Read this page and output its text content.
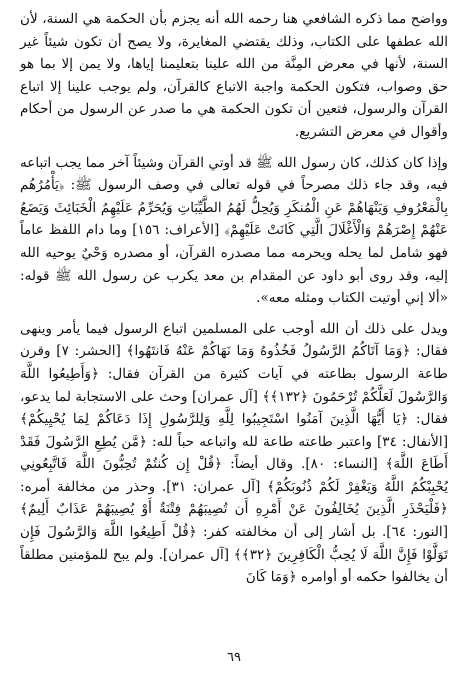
وواضح مما ذكره الشافعي هنا رحمه الله أنه يجزم بأن الحكمة هي السنة، لأن الله عطفها على الكتاب، وذلك يقتضي المغايرة، ولا يصح أن تكون شيئاً غير السنة، لأنها في معرض المِنَّة من الله علينا بتعليمنا إياها، ولا يمن إلا بما هو حق وصواب، فتكون الحكمة واجبة الاتباع كالقرآن، ولم يوجب علينا إلا اتباع القرآن والرسول، فتعين أن تكون الحكمة هي ما صدر عن الرسول من أحكام وأقوال في معرض التشريع.

وإذا كان كذلك، كان رسول الله ﷺ قد أوتي القرآن وشيئاً آخر مما يجب اتباعه فيه، وقد جاء ذلك مصرحاً في قوله تعالى في وصف الرسول ﷺ: ﴿يَأْمُرُهُم بِالْمَعْرُوفِ وَيَنْهَاهُمْ عَنِ الْمُنكَرِ وَيُحِلُّ لَهُمُ الطَّيِّبَاتِ وَيُحَرِّمُ عَلَيْهِمُ الْخَبَائِثَ وَيَضَعُ عَنْهُمْ إِصْرَهُمْ وَالْأَغْلَالَ الَّتِي كَانَتْ عَلَيْهِمْ﴾ [الأعراف: ١٥٦] وما دام اللفظ عاماً فهو شامل لما يحله ويحرمه مما مصدره القرآن، أو مصدره وَحْيٌ يوحيه الله إليه، وقد روى أبو داود عن المقدام بن معد يكرب عن رسول الله ﷺ قوله: «ألا إني أوتيت الكتاب ومثله معه».

ويدل على ذلك أن الله أوجب على المسلمين اتباع الرسول فيما يأمر وينهى فقال: ﴿وَمَا آتَاكُمُ الرَّسُولُ فَخُذُوهُ وَمَا نَهَاكُمْ عَنْهُ فَانتَهُوا﴾ [الحشر: ٧] وقرن طاعة الرسول بطاعته في آيات كثيرة من القرآن فقال: ﴿وَأَطِيعُوا اللَّهَ وَالرَّسُولَ لَعَلَّكُمْ تُرْحَمُونَ ﴿١٣٢﴾﴾ [آل عمران] وحث على الاستجابة لما يدعو، فقال: ﴿يَا أَيُّهَا الَّذِينَ آمَنُوا اسْتَجِيبُوا لِلَّهِ وَلِلرَّسُولِ إِذَا دَعَاكُمْ لِمَا يُحْيِيكُمْ﴾ [الأنفال: ٣٤] واعتبر طاعته طاعة لله واتباعه حباً لله: ﴿مَّن يُطِعِ الرَّسُولَ فَقَدْ أَطَاعَ اللَّهَ﴾ [النساء: ٨٠]. وقال أيضاً: ﴿قُلْ إِن كُنتُمْ تُحِبُّونَ اللَّهَ فَاتَّبِعُونِي يُحْبِبْكُمُ اللَّهُ وَيَغْفِرْ لَكُمْ ذُنُوبَكُمْ﴾ [آل عمران: ٣١]. وحذر من مخالفة أمره: ﴿فَلْيَحْذَرِ الَّذِينَ يُخَالِفُونَ عَنْ أَمْرِهِ أَن تُصِيبَهُمْ فِتْنَةٌ أَوْ يُصِيبَهُمْ عَذَابٌ أَلِيمٌ﴾ [النور: ٦٤]. بل أشار إلى أن مخالفته كفر: ﴿قُلْ أَطِيعُوا اللَّهَ وَالرَّسُولَ فَإِن تَوَلَّوْا فَإِنَّ اللَّهَ لَا يُحِبُّ الْكَافِرِينَ ﴿٣٢﴾﴾ [آل عمران]. ولم يبح للمؤمنين مطلقاً أن يخالفوا حكمه أو أوامره ﴿وَمَا كَانَ

٦٩
